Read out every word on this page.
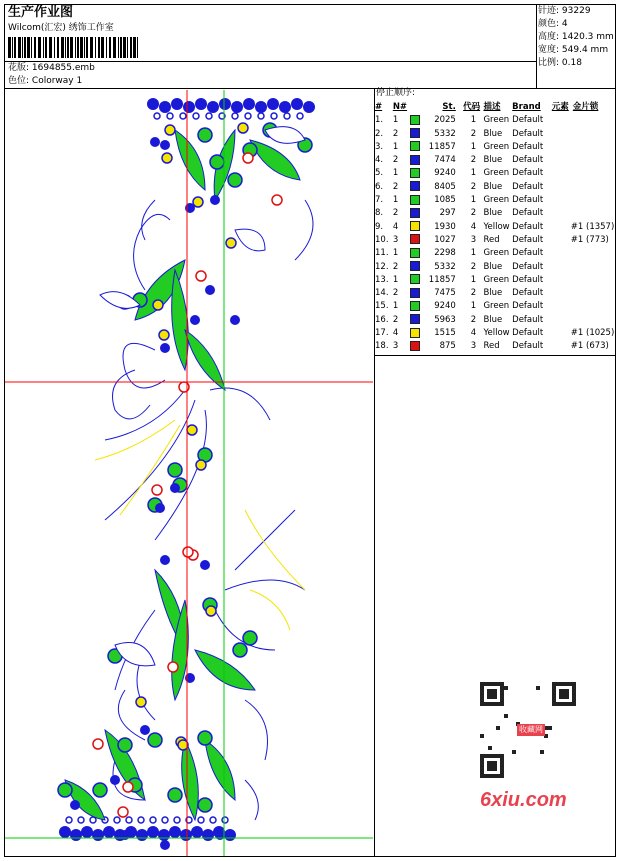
生产作业图
Wilcom(汇宏) 绣饰工作室
花版: 1694855.emb
色位: Colorway 1
针迹: 93229
颜色: 4
高度: 1420.3 mm
宽度: 549.4 mm
比例: 0.18
停止顺序:
#	N#		St.	代码		描述	Brand	元素	金片锁
1.	1		2025	1		Green	Default		
2.	2		5332	2		Blue	Default		
3.	1		11857	1		Green	Default		
4.	2		7474	2		Blue	Default		
5.	1		9240	1		Green	Default		
6.	2		8405	2		Blue	Default		
7.	1		1085	1		Green	Default		
8.	2		297	2		Blue	Default		
9.	4		1930	4		Yellow	Default		#1 (1357)
10.	3		1027	3		Red	Default		#1 (773)
11.	1		2298	1		Green	Default		
12.	2		5332	2		Blue	Default		
13.	1		11857	1		Green	Default		
14.	2		7475	2		Blue	Default		
15.	1		9240	1		Green	Default		
16.	2		5963	2		Blue	Default		
17.	4		1515	4		Yellow	Default		#1 (1025)
18.	3		875	3		Red	Default		#1 (673)
收藏网
6xiu.com
